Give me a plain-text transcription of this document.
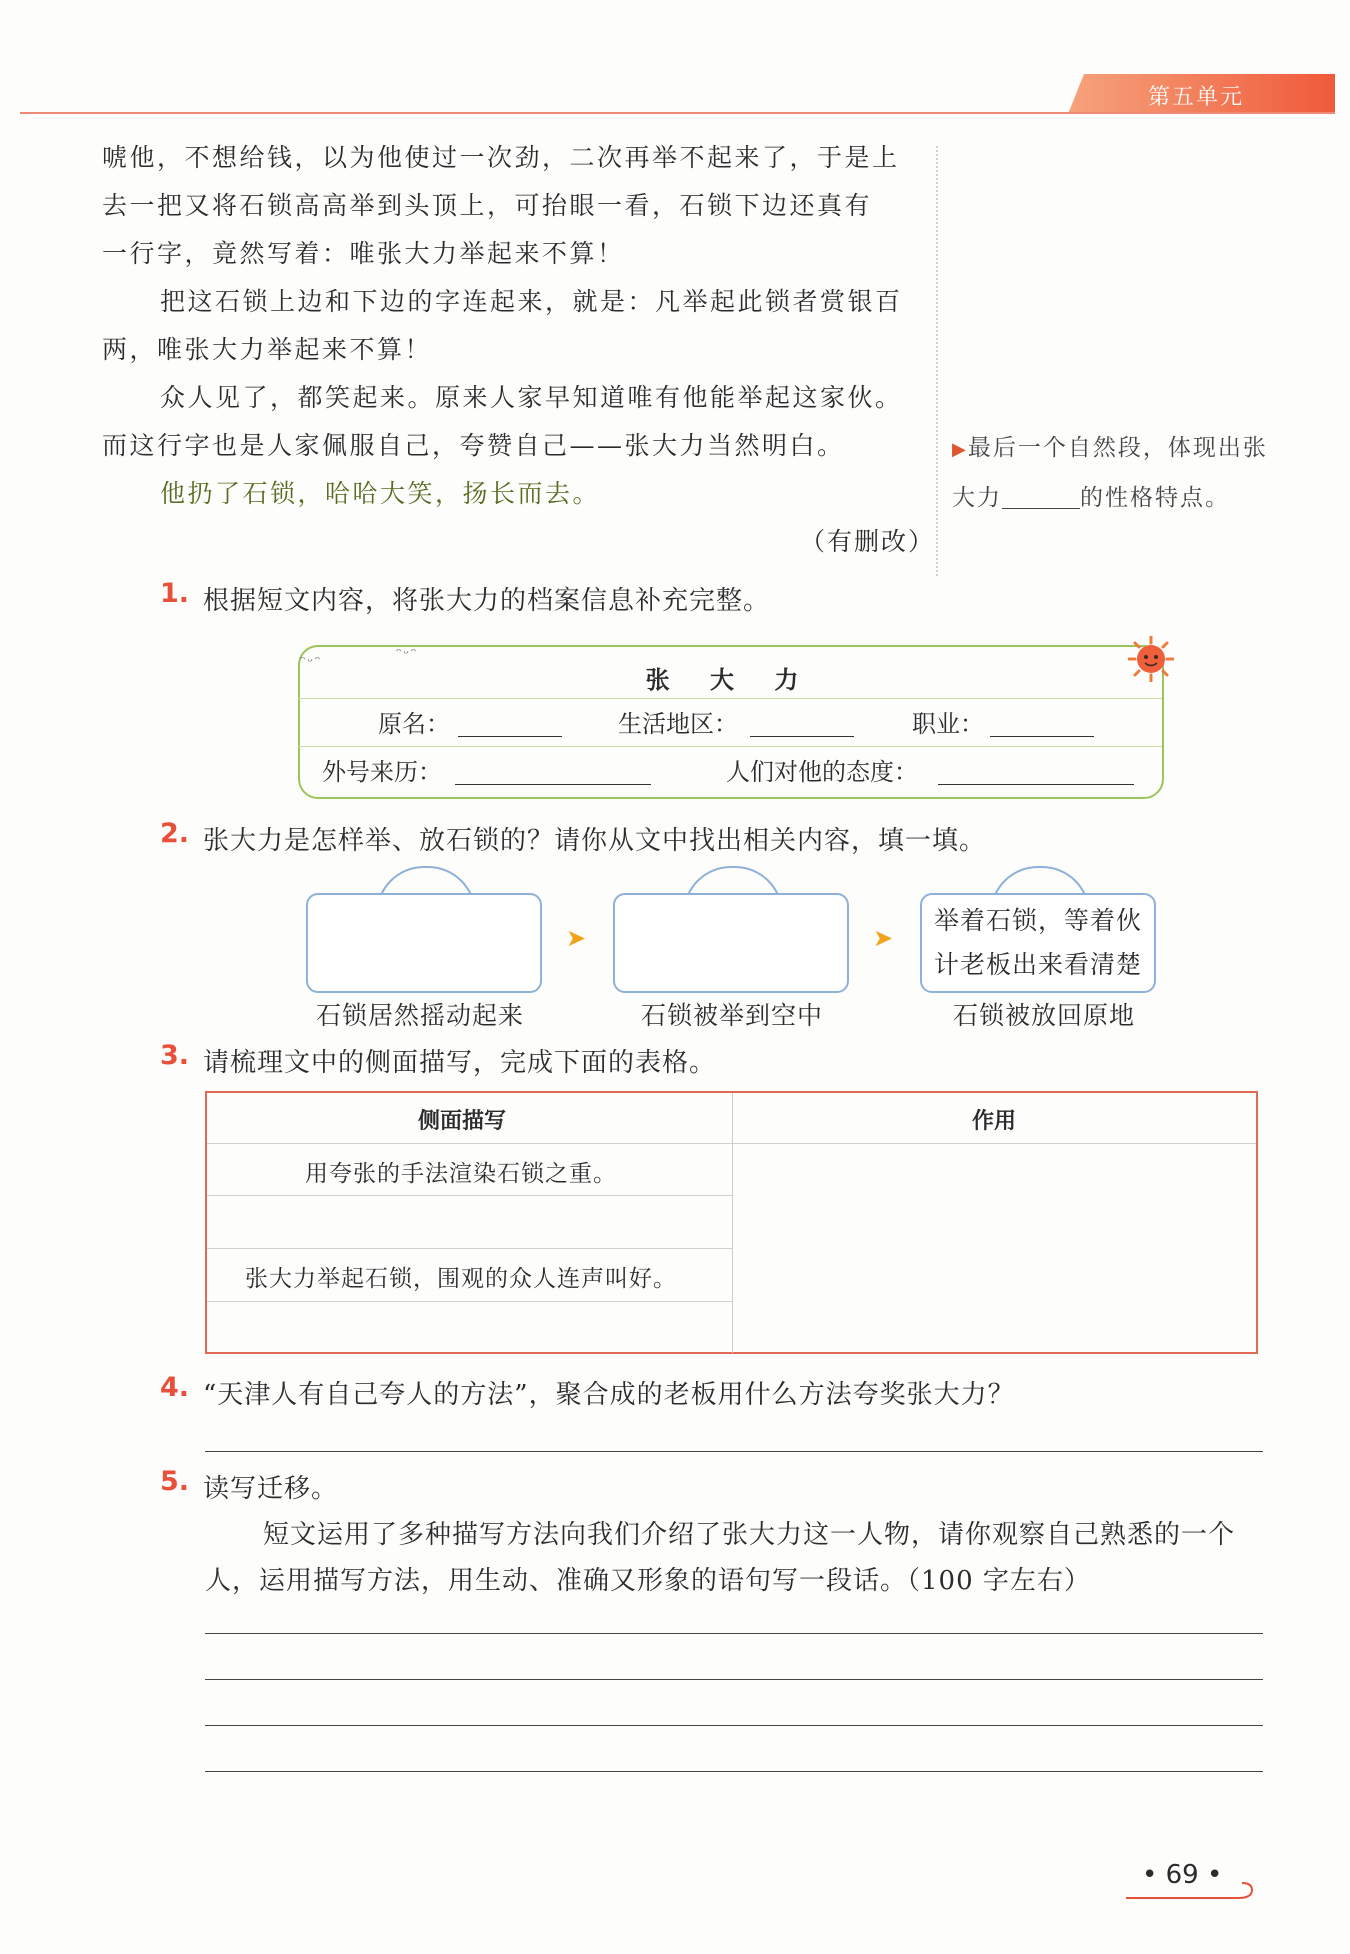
第五单元

唬他，不想给钱，以为他使过一次劲，二次再举不起来了，于是上

去一把又将石锁高高举到头顶上，可抬眼一看，石锁下边还真有

一行字，竟然写着：唯张大力举起来不算！

把这石锁上边和下边的字连起来，就是：凡举起此锁者赏银百两，唯张大力举起来不算！

众人见了，都笑起来。原来人家早知道唯有他能举起这家伙。而这行字也是人家佩服自己，夸赞自己——张大力当然明白。

他扔了石锁，哈哈大笑，扬长而去。

（有删改）
▶最后一个自然段，体现出张大力	的性格特点。
1. 根据短文内容，将张大力的档案信息补充完整。
ᵔᵕᵔ	ᵔᵕᵔ
张 大 力
原名：	生活地区：	职业：
外号来历：	人们对他的态度：
2. 张大力是怎样举、放石锁的？请你从文中找出相关内容，填一填。
➤	➤
举着石锁，等着伙
计老板出来看清楚
石锁居然摇动起来	石锁被举到空中	石锁被放回原地
3. 请梳理文中的侧面描写，完成下面的表格。
侧面描写	作用
用夸张的手法渲染石锁之重。
张大力举起石锁，围观的众人连声叫好。
4. “天津人有自己夸人的方法”，聚合成的老板用什么方法夸奖张大力？
5. 读写迁移。

短文运用了多种描写方法向我们介绍了张大力这一人物，请你观察自己熟悉的一个人，运用描写方法，用生动、准确又形象的语句写一段话。（100 字左右）

• 69 •
